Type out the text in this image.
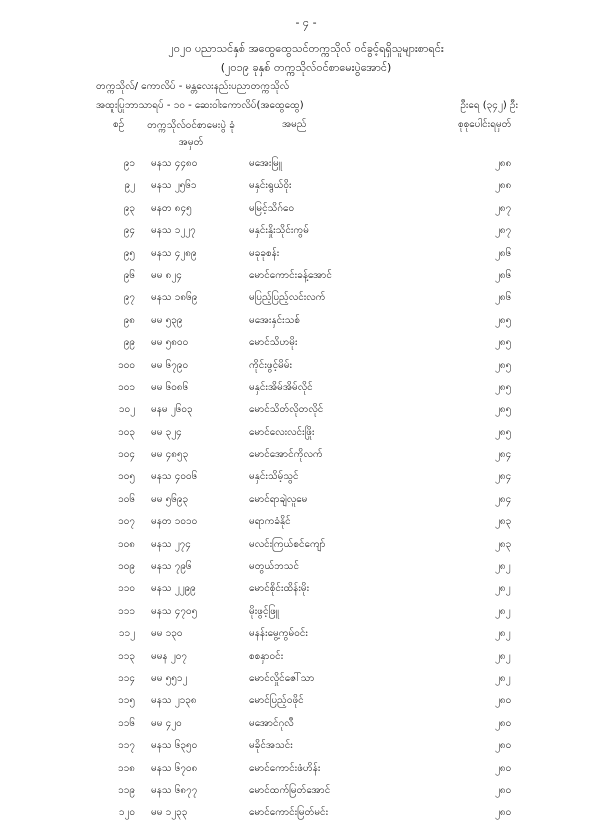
- ၄ -
၂၀၂၀ ပညာသင်နှစ် အ‌ထွေထွေသင်တက္ကသိုလ် ဝင်ခွင့်ရရှိသူများစာရင်း
(၂၀၁၉ ခုနှစ် တက္ကသိုလ်ဝင်စာမေးပွဲအောင်)
တက္ကသိုလ်/ ကောလိပ် - မန္တလေးနည်းပညာတက္ကသိုလ်
အထူးပြုဘာသာရပ် - ၁၀ - ဆေးဝါးကောလိပ်(အထွေထွေ)	ဦးရေ (၃၄၂) ဦး
စဉ် တက္ကသိုလ်ဝင်စာမေးပွဲ ခုံအမှတ်
အမည်	စုစုပေါင်းရမှတ်
၉၁ မနသ ၄၄၈၀	မအေးမြူ	၂၈၈
၉၂ မနသ ၂၅၆၁	မနှင်းရွယ်ဝိုး	၂၈၈
၉၃ မနတ ၈၄၅	မမြင့်သိဂ်ဝေ	၂၈၇
၉၄ မနသ ၁၂၂၇	မနှင်းနှိုးသိုင်းကွမ်	၂၈၇
၉၅ မနသ ၄၂၈၉	မခုခုစန်း	၂၈၆
၉၆ မမ ၈၂၄	မောင်ကောင်းခန့်အောင်	၂၈၆
၉၇ မနသ ၁၈၆၉	မပြည့်ပြည့်လင်းလက်	၂၈၆
၉၈ မမ ၅၃၉	မအေးနှင်းသစ်	၂၈၅
၉၉ မမ ၅၈၀၀	မောင်သိဟမိုး	၂၈၅
၁၀၀ မမ ၆၇၉၀	ကိုင်းဖွင့်မိမ်း	၂၈၅
၁၀၁ မမ ၆၀၈၆	မနှင်းအိမ်အိမ်လိုင်	၂၈၅
၁၀၂ မနမ ၂၆၀၃	မောင်သိတ်လိုတလိုင်	၂၈၅
၁၀၃ မမ ၃၂၄	မောင်လေးလင်းဖြိုး	၂၈၅
၁၀၄ မမ ၄၈၅၃	မောင်အောင်ကိုလက်	၂၈၄
၁၀၅ မနသ ၄၀၀၆	မနှင်းသိမ့်သွင်	၂၈၄
၁၀၆ မမ ၅၆၉၃	မောင်ရာချဲလူမေ	၂၈၄
၁၀၇ မနတ ၁၀၁၀	မရာကခံနိုင်	၂၈၃
၁၀၈ မနသ ၂၇၄	မလင်းကြယ်စင်ကျော်	၂၈၃
၁၀၉ မနသ ၇၉၆	မတွယ်ဘသင်	၂၈၂
၁၁၀ မနသ ၂၂၉၉	မောင်စိုင်းထိန်းမိုး	၂၈၂
၁၁၁ မနသ ၄၇၀၅	မိုးဖွင့်ဖြူ	၂၈၂
၁၁၂ မမ ၁၃၀	မနန်းမွေ့ကွမ်ဝင်း	၂၈၂
၁၁၃ မမန ၂၀၇	စစနှာဝင်း	၂၈၂
၁၁၄ မမ ၅၅၁၂	မောင်လှိုင်ဇေါ်သာ	၂၈၂
၁၁၅ မနသ ၂၁၃၈	မောင်ပြည့်ဝဖိုင်	၂၈၀
၁၁၆ မမ ၄၂၀	မအောင်ဂုလီ	၂၈၀
၁၁၇ မနသ ၆၃၅၀	မခိုင်အသင်း	၂၈၀
၁၁၈ မနသ ၆၇၀၈	မောင်ကောင်းဖံဟိန်း	၂၈၀
၁၁၉ မနသ ၆၈၇၇	မောင်ထက်မြတ်အောင်	၂၈၀
၁၂၀ မမ ၁၂၃၃	မောင်ကောင်းမြတ်မင်း	၂၈၀
